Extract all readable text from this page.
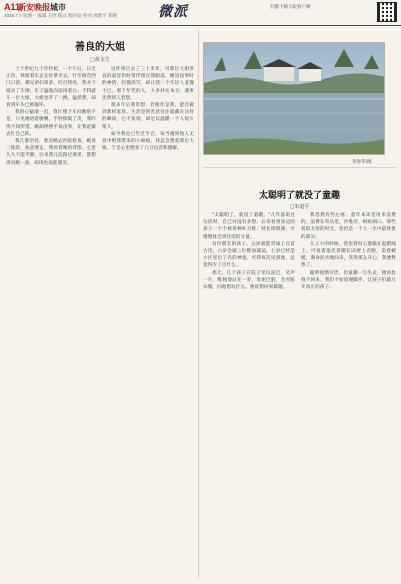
A11
新安晚报 城市
2025.7.7 星期一 编辑 王欣 版式 程闪安 校对 周新宇 郑晓	微派	扫描下载大皖客户端
善良的大姐
□黄永生

上个世纪九十年代初，一个午后，日光正热，我骑着车走在往菜市去。行至街首西门口前，那兄弟们弟弟，红灯将亮，然并下坡岔了车闸，车子猛地向前闯着后。不料就斗一位大姐，大姐也吓了一跳，猛然想，却看到车头已被撞坏。

我的心猛地一沉，我忙拥下车向她赔不是，只见她捂着胳膊，手肘擦破了皮，我吓得不知所措。她却摆摆手说没事，让我赶紧去忙自己的。

我几番坚持，要送她去医院检查，她再三推辞，执意要走。我看着她的背影，心里久久不能平静。后来我几次路过那里，都想再见她一面，却再也没能遇见。

这件事过去了三十多年，可那位大姐善良的面容仍时常浮现在我眼前。她说没事时的神情，轻描淡写，却让我一个年轻人羞愧不已。那个年代的人，大多朴实本分，遇事先替别人着想。

很多年后我常想，若换作是我，能否做到那样宽厚。生活里的善意往往就藏在这样的瞬间，它不张扬，却足以温暖一个人很久很久。

如今我也已年过半百，每当遇到他人无意中给我带来的小麻烦，我总会想起那位大姐，于是心里便多了几分包容和理解。

李春华/摄
太聪明了就没了童趣
□朱道平

"太聪明了，就没了童趣。"几年前说这句话时，自己并没有多想。后来看到身边的孩子一个个被各种补习班、特长班填满，才慢慢体会到这话的分量。

有位朋友的孩子，五岁就能背诵上百首古诗，六岁会做三位数加减法，七岁已经是小区里出了名的神童。可我每次见到他，总觉得少了点什么。

那天，几个孩子在院子里玩泥巴，笑声一片，唯独他站在一旁，说泥巴脏，会弄脏衣服。问他想玩什么，他说想回家做题。

我忽然有些心疼。童年本该是用来浪费的，浪费在草丛里、沙堆旁、蚂蚁洞口。那些看似无用的时光，恰恰是一个人一生中最珍贵的部分。

儿子小的时候，我也曾担心他输在起跑线上。可看着他光着脚在田埂上奔跑，追着蜻蜓，满身泥水地回来，笑得那么开心，我便释然了。

聪明固然可贵，但童趣一旦失去，便再也找不回来。我们不妨放慢脚步，让孩子们做几年真正的孩子。
